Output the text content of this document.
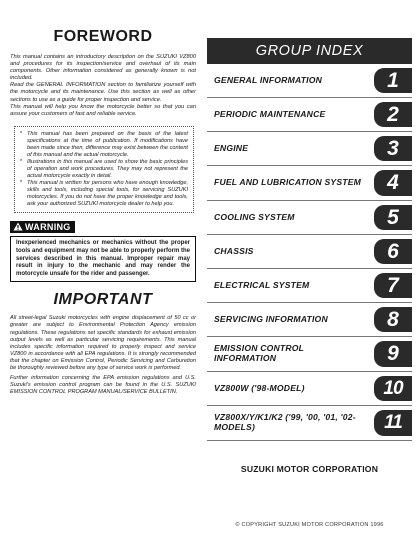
FOREWORD

This manual contains an introductory description on the SUZUKI VZ800 and procedures for its inspection/service and overhaul of its main components. Other information considered as generally known is not included.

Read the GENERAL INFORMATION section to familiarize yourself with the motorcycle and its maintenance. Use this section as well as other sections to use as a guide for proper inspection and service.

This manual will help you know the motorcycle better so that you can assure your customers of fast and reliable service.

* This manual has been prepared on the basis of the latest specifications at the time of publication. If modifications have been made since then, difference may exist between the content of this manual and the actual motorcycle.
* Illustrations in this manual are used to show the basic principles of operation and work procedures. They may not represent the actual motorcycle exactly in detail.
* This manual is written for persons who have enough knowledge, skills and tools, including special tools, for servicing SUZUKI motorcycles. If you do not have the proper knowledge and tools, ask your authorized SUZUKI motorcycle dealer to help you.
WARNING
Inexperienced mechanics or mechanics without the proper tools and equipment may not be able to properly perform the services described in this manual. Improper repair may result in injury to the mechanic and may render the motorcycle unsafe for the rider and passenger.
IMPORTANT

All street-legal Suzuki motorcycles with engine displacement of 50 cc or greater are subject to Environmental Protection Agency emission regulations. These regulations set specific standards for exhaust emission output levels as well as particular servicing requirements. This manual includes specific information required to properly inspect and service VZ800 in accordance with all EPA regulations. It is strongly recommended that the chapter on Emission Control, Periodic Servicing and Carburetion be thoroughly reviewed before any type of service work is performed.

Further information concerning the EPA emission regulations and U.S. Suzuki's emission control program can be found in the U.S. SUZUKI EMISSION CONTROL PROGRAM MANUAL/SERVICE BULLETIN.

GROUP INDEX
GENERAL INFORMATION	1
PERIODIC MAINTENANCE	2
ENGINE	3
FUEL AND LUBRICATION SYSTEM	4
COOLING SYSTEM	5
CHASSIS	6
ELECTRICAL SYSTEM	7
SERVICING INFORMATION	8
EMISSION CONTROL INFORMATION	9
VZ800W ('98-MODEL)	10
VZ800X/Y/K1/K2 ('99, '00, '01, '02-MODELS)	11
SUZUKI MOTOR CORPORATION
© COPYRIGHT SUZUKI MOTOR CORPORATION 1996
